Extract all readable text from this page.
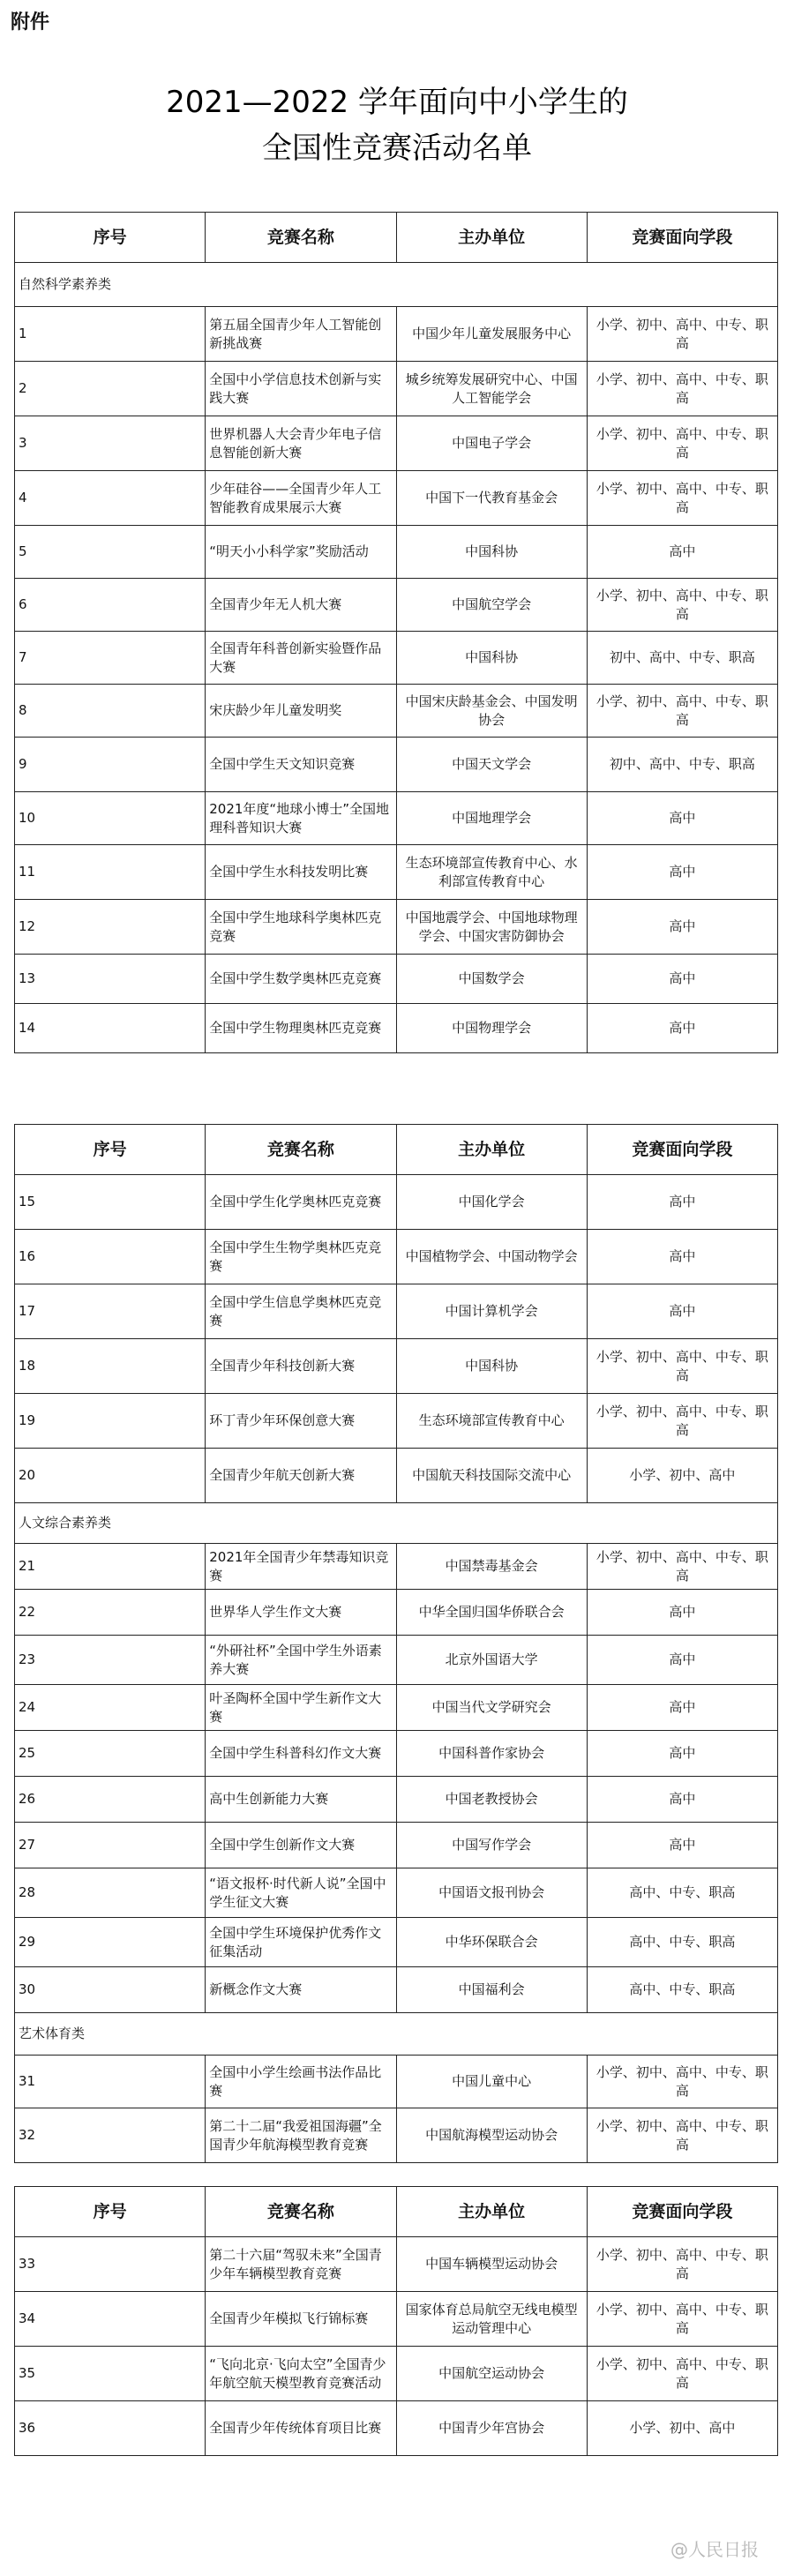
附件
2021—2022 学年面向中小学生的
全国性竞赛活动名单
序号	竞赛名称	主办单位	竞赛面向学段
自然科学素养类			
1	第五届全国青少年人工智能创新挑战赛	中国少年儿童发展服务中心	小学、初中、高中、中专、职高
2	全国中小学信息技术创新与实践大赛	城乡统筹发展研究中心、中国人工智能学会	小学、初中、高中、中专、职高
3	世界机器人大会青少年电子信息智能创新大赛	中国电子学会	小学、初中、高中、中专、职高
4	少年硅谷——全国青少年人工智能教育成果展示大赛	中国下一代教育基金会	小学、初中、高中、中专、职高
5	“明天小小科学家”奖励活动	中国科协	高中
6	全国青少年无人机大赛	中国航空学会	小学、初中、高中、中专、职高
7	全国青年科普创新实验暨作品大赛	中国科协	初中、高中、中专、职高
8	宋庆龄少年儿童发明奖	中国宋庆龄基金会、中国发明协会	小学、初中、高中、中专、职高
9	全国中学生天文知识竞赛	中国天文学会	初中、高中、中专、职高
10	2021年度“地球小博士”全国地理科普知识大赛	中国地理学会	高中
11	全国中学生水科技发明比赛	生态环境部宣传教育中心、水利部宣传教育中心	高中
12	全国中学生地球科学奥林匹克竞赛	中国地震学会、中国地球物理学会、中国灾害防御协会	高中
13	全国中学生数学奥林匹克竞赛	中国数学会	高中
14	全国中学生物理奥林匹克竞赛	中国物理学会	高中
序号	竞赛名称	主办单位	竞赛面向学段
15	全国中学生化学奥林匹克竞赛	中国化学会	高中
16	全国中学生生物学奥林匹克竞赛	中国植物学会、中国动物学会	高中
17	全国中学生信息学奥林匹克竞赛	中国计算机学会	高中
18	全国青少年科技创新大赛	中国科协	小学、初中、高中、中专、职高
19	环丁青少年环保创意大赛	生态环境部宣传教育中心	小学、初中、高中、中专、职高
20	全国青少年航天创新大赛	中国航天科技国际交流中心	小学、初中、高中
人文综合素养类			
21	2021年全国青少年禁毒知识竞赛	中国禁毒基金会	小学、初中、高中、中专、职高
22	世界华人学生作文大赛	中华全国归国华侨联合会	高中
23	“外研社杯”全国中学生外语素养大赛	北京外国语大学	高中
24	叶圣陶杯全国中学生新作文大赛	中国当代文学研究会	高中
25	全国中学生科普科幻作文大赛	中国科普作家协会	高中
26	高中生创新能力大赛	中国老教授协会	高中
27	全国中学生创新作文大赛	中国写作学会	高中
28	“语文报杯·时代新人说”全国中学生征文大赛	中国语文报刊协会	高中、中专、职高
29	全国中学生环境保护优秀作文征集活动	中华环保联合会	高中、中专、职高
30	新概念作文大赛	中国福利会	高中、中专、职高
艺术体育类			
31	全国中小学生绘画书法作品比赛	中国儿童中心	小学、初中、高中、中专、职高
32	第二十二届“我爱祖国海疆”全国青少年航海模型教育竞赛	中国航海模型运动协会	小学、初中、高中、中专、职高
序号	竞赛名称	主办单位	竞赛面向学段
33	第二十六届“驾驭未来”全国青少年车辆模型教育竞赛	中国车辆模型运动协会	小学、初中、高中、中专、职高
34	全国青少年模拟飞行锦标赛	国家体育总局航空无线电模型运动管理中心	小学、初中、高中、中专、职高
35	“飞向北京·飞向太空”全国青少年航空航天模型教育竞赛活动	中国航空运动协会	小学、初中、高中、中专、职高
36	全国青少年传统体育项目比赛	中国青少年宫协会	小学、初中、高中
@人民日报
